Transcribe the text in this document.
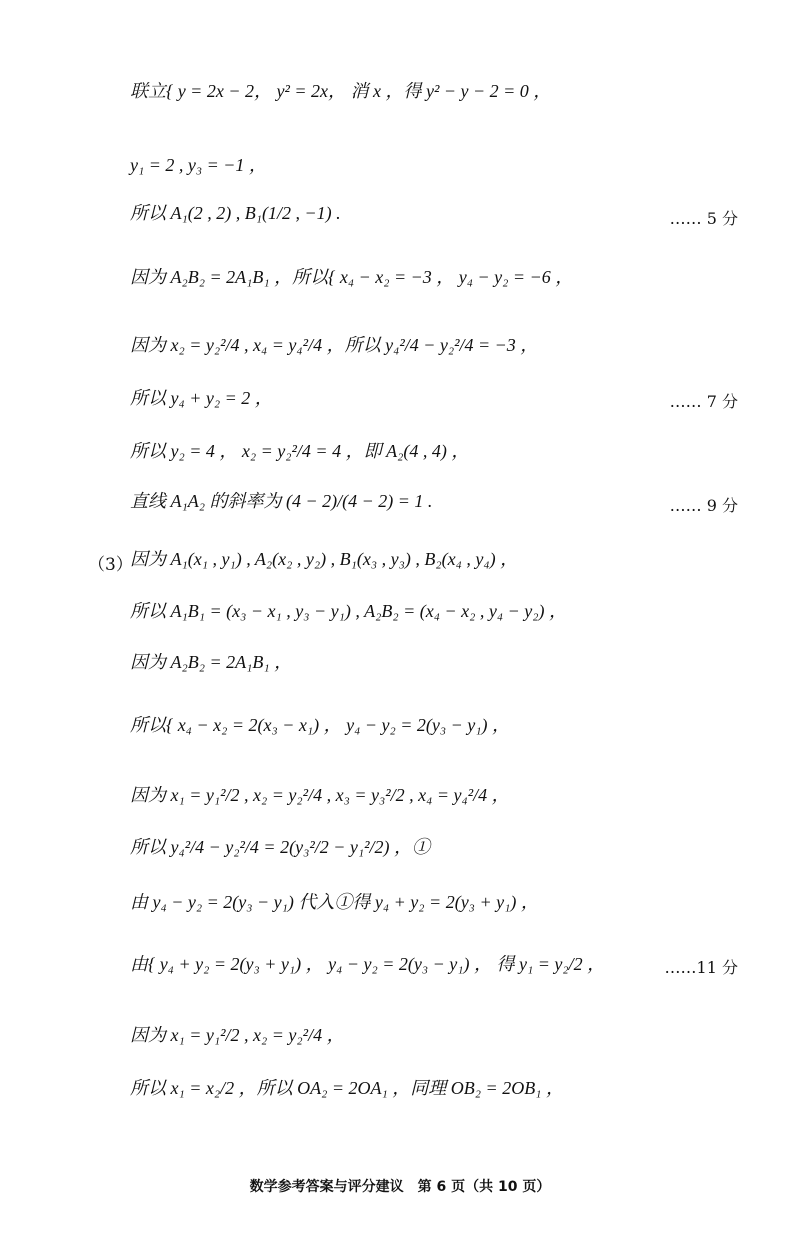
联立{ y = 2x − 2， y² = 2x， 消 x ，得 y² − y − 2 = 0 ，
y₁ = 2 , y₃ = −1 ，
所以 A₁(2 , 2) , B₁(1/2 , −1) .	…… 5 分
因为 A₂B₂ = 2A₁B₁ ，所以{ x₄ − x₂ = −3 ， y₄ − y₂ = −6 ，
因为 x₂ = y₂²/4 , x₄ = y₄²/4 ，所以 y₄²/4 − y₂²/4 = −3 ，
所以 y₄ + y₂ = 2 ，	…… 7 分
所以 y₂ = 4 ， x₂ = y₂²/4 = 4 ，即 A₂(4 , 4) ，
直线 A₁A₂ 的斜率为 (4 − 2)/(4 − 2) = 1 .	…… 9 分
（3）
因为 A₁(x₁ , y₁) , A₂(x₂ , y₂) , B₁(x₃ , y₃) , B₂(x₄ , y₄) ，
所以 A₁B₁ = (x₃ − x₁ , y₃ − y₁) , A₂B₂ = (x₄ − x₂ , y₄ − y₂) ，
因为 A₂B₂ = 2A₁B₁ ，
所以{ x₄ − x₂ = 2(x₃ − x₁) ， y₄ − y₂ = 2(y₃ − y₁) ，
因为 x₁ = y₁²/2 , x₂ = y₂²/4 , x₃ = y₃²/2 , x₄ = y₄²/4 ，
所以 y₄²/4 − y₂²/4 = 2(y₃²/2 − y₁²/2) ，①
由 y₄ − y₂ = 2(y₃ − y₁) 代入①得 y₄ + y₂ = 2(y₃ + y₁) ，
由{ y₄ + y₂ = 2(y₃ + y₁) ， y₄ − y₂ = 2(y₃ − y₁) ， 得 y₁ = y₂/2 ，	……11 分
因为 x₁ = y₁²/2 , x₂ = y₂²/4 ，
所以 x₁ = x₂/2 ，所以 OA₂ = 2OA₁ ，同理 OB₂ = 2OB₁ ，
数学参考答案与评分建议　第 6 页（共 10 页）
